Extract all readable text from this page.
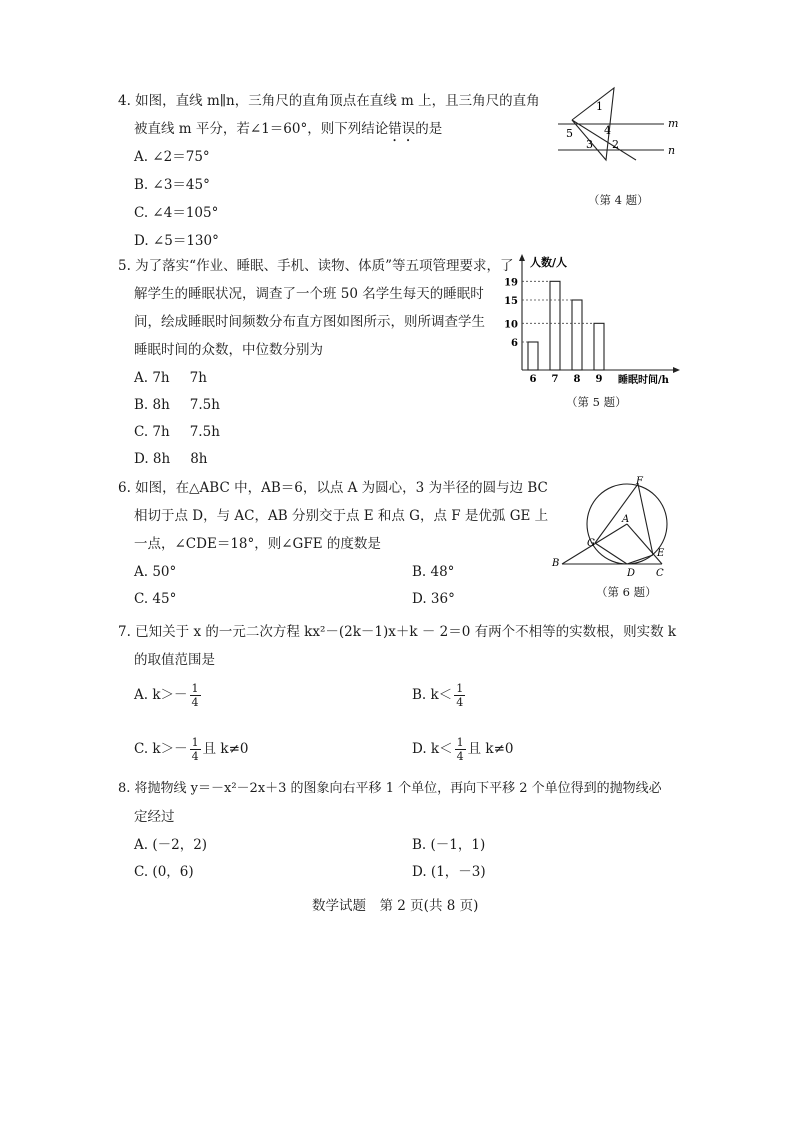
4. 如图，直线 m∥n，三角尺的直角顶点在直线 m 上，且三角尺的直角
被直线 m 平分，若∠1＝60°，则下列结论错误的是
A. ∠2＝75°
B. ∠3＝45°
C. ∠4＝105°
D. ∠5＝130°
1
2
3
4
5
m
n
（第 4 题）
5. 为了落实“作业、睡眠、手机、读物、体质”等五项管理要求，了
解学生的睡眠状况，调查了一个班 50 名学生每天的睡眠时
间，绘成睡眠时间频数分布直方图如图所示，则所调查学生
睡眠时间的众数，中位数分别为
A. 7h 7h
B. 8h 7.5h
C. 7h 7.5h
D. 8h 8h
人数/人
睡眠时间/h
6 7 8 9
6
10
15
19
（第 5 题）
6. 如图，在△ABC 中，AB＝6，以点 A 为圆心，3 为半径的圆与边 BC
相切于点 D，与 AC，AB 分别交于点 E 和点 G，点 F 是优弧 GE 上
一点，∠CDE＝18°，则∠GFE 的度数是
A. 50°	B. 48°
C. 45°	D. 36°
F
A
G
B
D
E
C
（第 6 题）
7. 已知关于 x 的一元二次方程 kx²－(2k－1)x＋k － 2＝0 有两个不相等的实数根，则实数 k
的取值范围是
A. $k>- \frac{1}{4}$	B. $k< \frac{1}{4}$
C. $k>- \frac{1}{4}$ 且 k≠0	D. $k< \frac{1}{4}$ 且 k≠0
8. 将抛物线 y＝－x²－2x＋3 的图象向右平移 1 个单位，再向下平移 2 个单位得到的抛物线必
定经过
A. (－2，2)	B. (－1，1)
C. (0，6)	D. (1，－3)
数学试题　第 2 页(共 8 页)
